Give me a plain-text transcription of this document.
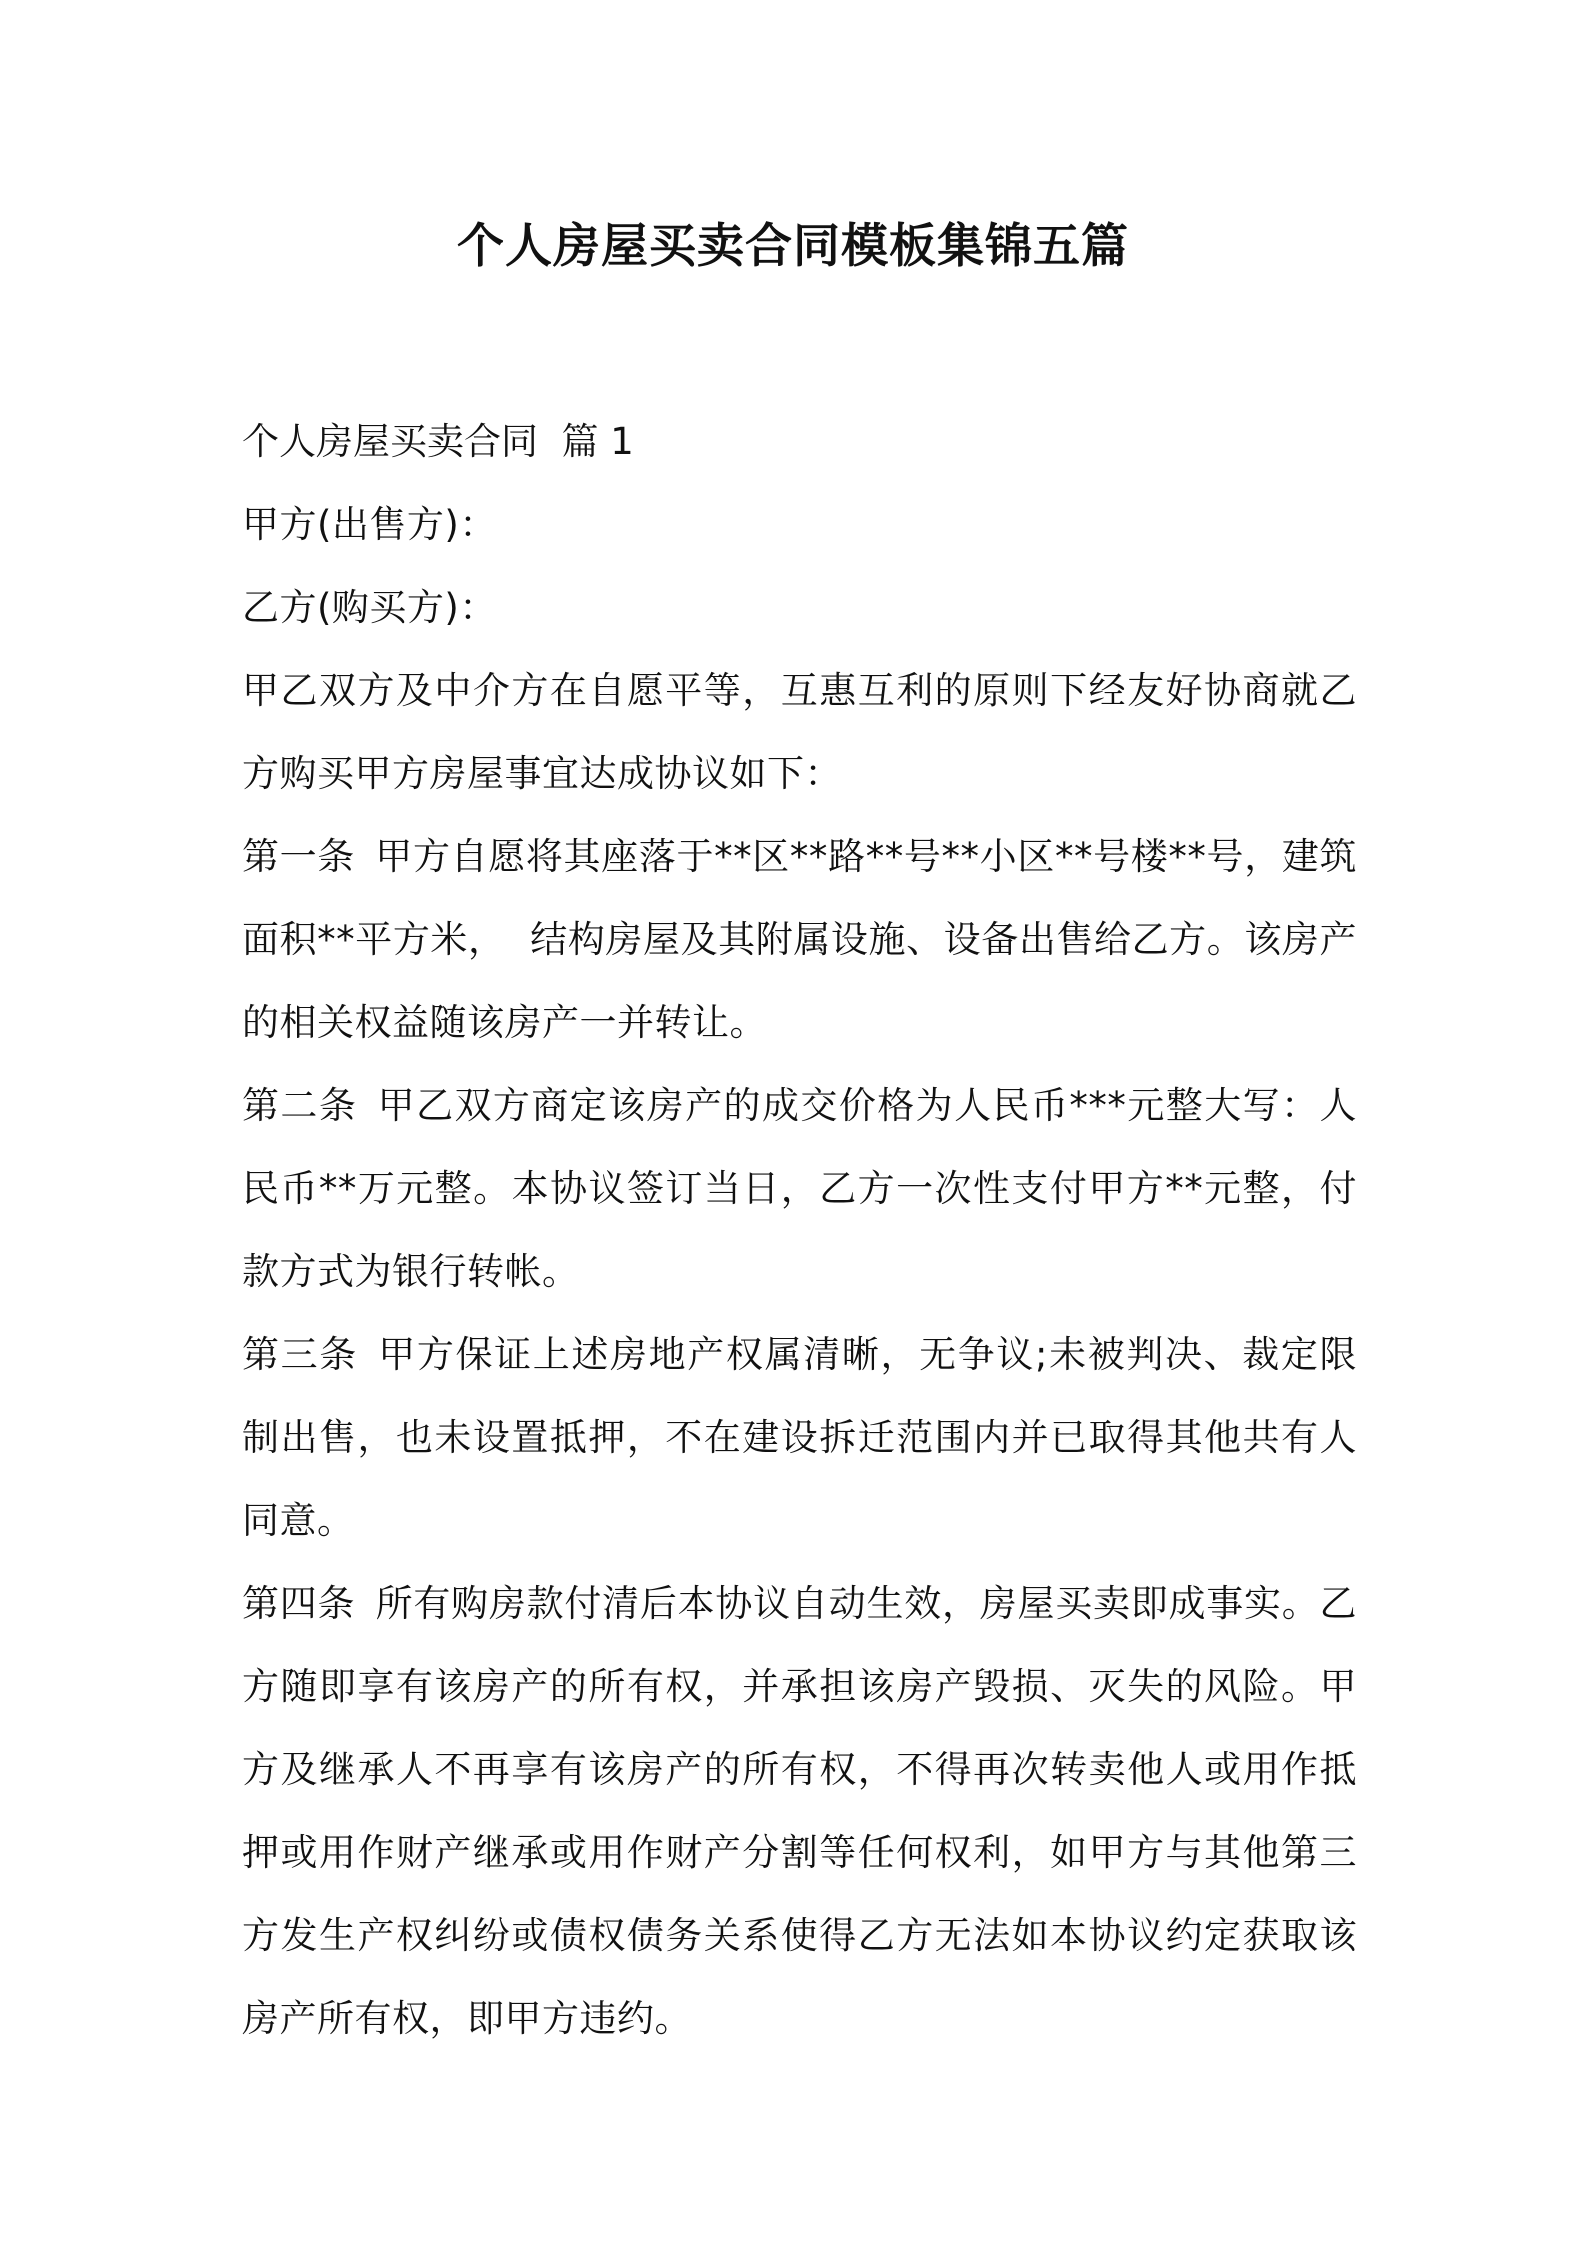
个人房屋买卖合同模板集锦五篇

个人房屋买卖合同  篇 1

甲方(出售方)：

乙方(购买方)：

甲乙双方及中介方在自愿平等，互惠互利的原则下经友好协商就乙方购买甲方房屋事宜达成协议如下：

第一条 甲方自愿将其座落于**区**路**号**小区**号楼**号，建筑面积**平方米，  结构房屋及其附属设施、设备出售给乙方。该房产的相关权益随该房产一并转让。

第二条 甲乙双方商定该房产的成交价格为人民币***元整大写：人民币**万元整。本协议签订当日，乙方一次性支付甲方**元整，付款方式为银行转帐。

第三条 甲方保证上述房地产权属清晰，无争议;未被判决、裁定限制出售，也未设置抵押，不在建设拆迁范围内并已取得其他共有人同意。

第四条 所有购房款付清后本协议自动生效，房屋买卖即成事实。乙方随即享有该房产的所有权，并承担该房产毁损、灭失的风险。甲方及继承人不再享有该房产的所有权，不得再次转卖他人或用作抵押或用作财产继承或用作财产分割等任何权利，如甲方与其他第三方发生产权纠纷或债权债务关系使得乙方无法如本协议约定获取该房产所有权，即甲方违约。
